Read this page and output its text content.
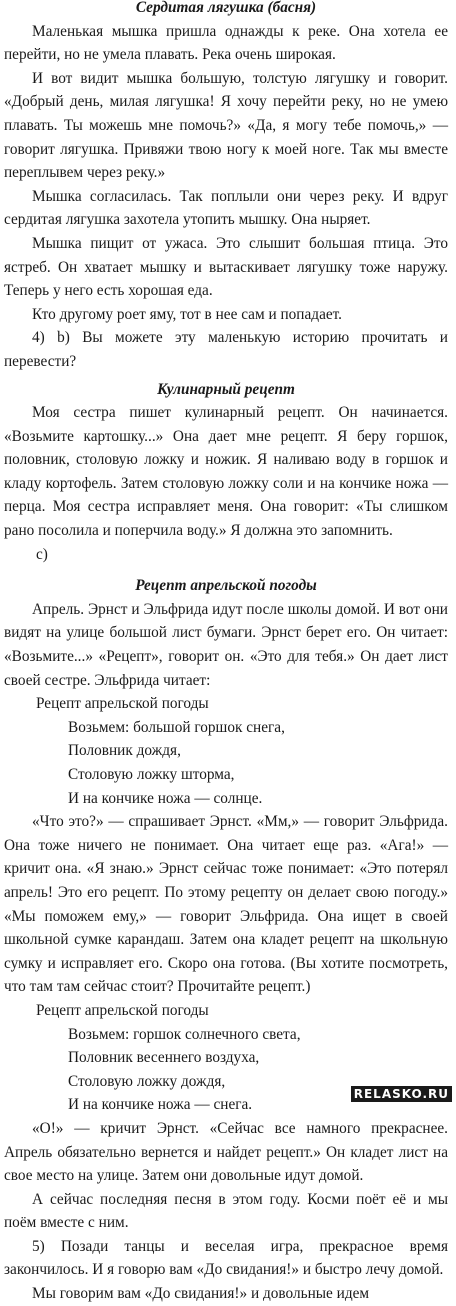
Сердитая лягушка (басня)

Маленькая мышка пришла однажды к реке. Она хотела ее перейти, но не умела плавать. Река очень широкая.

И вот видит мышка большую, толстую лягушку и говорит. «Добрый день, милая лягушка! Я хочу перейти реку, но не умею плавать. Ты можешь мне помочь?» «Да, я могу тебе помочь,» — говорит лягушка. Привяжи твою ногу к моей ноге. Так мы вместе переплывем через реку.»

Мышка согласилась. Так поплыли они через реку. И вдруг сердитая лягушка захотела утопить мышку. Она ныряет.

Мышка пищит от ужаса. Это слышит большая птица. Это ястреб. Он хватает мышку и вытаскивает лягушку тоже наружу. Теперь у него есть хорошая еда.

Кто другому роет яму, тот в нее сам и попадает.

4) b) Вы можете эту маленькую историю прочитать и перевести?

Кулинарный рецепт

Моя сестра пишет кулинарный рецепт. Он начинается. «Возьмите картошку...» Она дает мне рецепт. Я беру горшок, половник, столовую ложку и ножик. Я наливаю воду в горшок и кладу кортофель. Затем столовую ложку соли и на кончике ножа — перца. Моя сестра исправляет меня. Она говорит: «Ты слишком рано посолила и поперчила воду.» Я должна это запомнить.

c)
Рецепт апрельской погоды

Апрель. Эрнст и Эльфрида идут после школы домой. И вот они видят на улице большой лист бумаги. Эрнст берет его. Он читает: «Возьмите...» «Рецепт», говорит он. «Это для тебя.» Он дает лист своей сестре. Эльфрида читает:

Рецепт апрельской погоды
Возьмем: большой горшок снега,
Половник дождя,
Столовую ложку шторма,
И на кончике ножа — солнце.

«Что это?» — спрашивает Эрнст. «Мм,» — говорит Эльфрида. Она тоже ничего не понимает. Она читает еще раз. «Ага!» — кричит она. «Я знаю.» Эрнст сейчас тоже понимает: «Это потерял апрель! Это его рецепт. По этому рецепту он делает свою погоду.» «Мы поможем ему,» — говорит Эльфрида. Она ищет в своей школьной сумке карандаш. Затем она кладет рецепт на школьную сумку и исправляет его. Скоро она готова. (Вы хотите посмотреть, что там там сейчас стоит? Прочитайте рецепт.)

Рецепт апрельской погоды
Возьмем: горшок солнечного света,
Половник весеннего воздуха,
Столовую ложку дождя,
И на кончике ножа — снега.

«О!» — кричит Эрнст. «Сейчас все намного прекраснее. Апрель обязательно вернется и найдет рецепт.» Он кладет лист на свое место на улице. Затем они довольные идут домой.

А сейчас последняя песня в этом году. Косми поёт её и мы поём вместе с ним.

5) Позади танцы и веселая игра, прекрасное время закончилось. И я говорю вам «До свидания!» и быстро лечу домой.

Мы говорим вам «До свидания!» и довольные идем

RELASKO.RU
